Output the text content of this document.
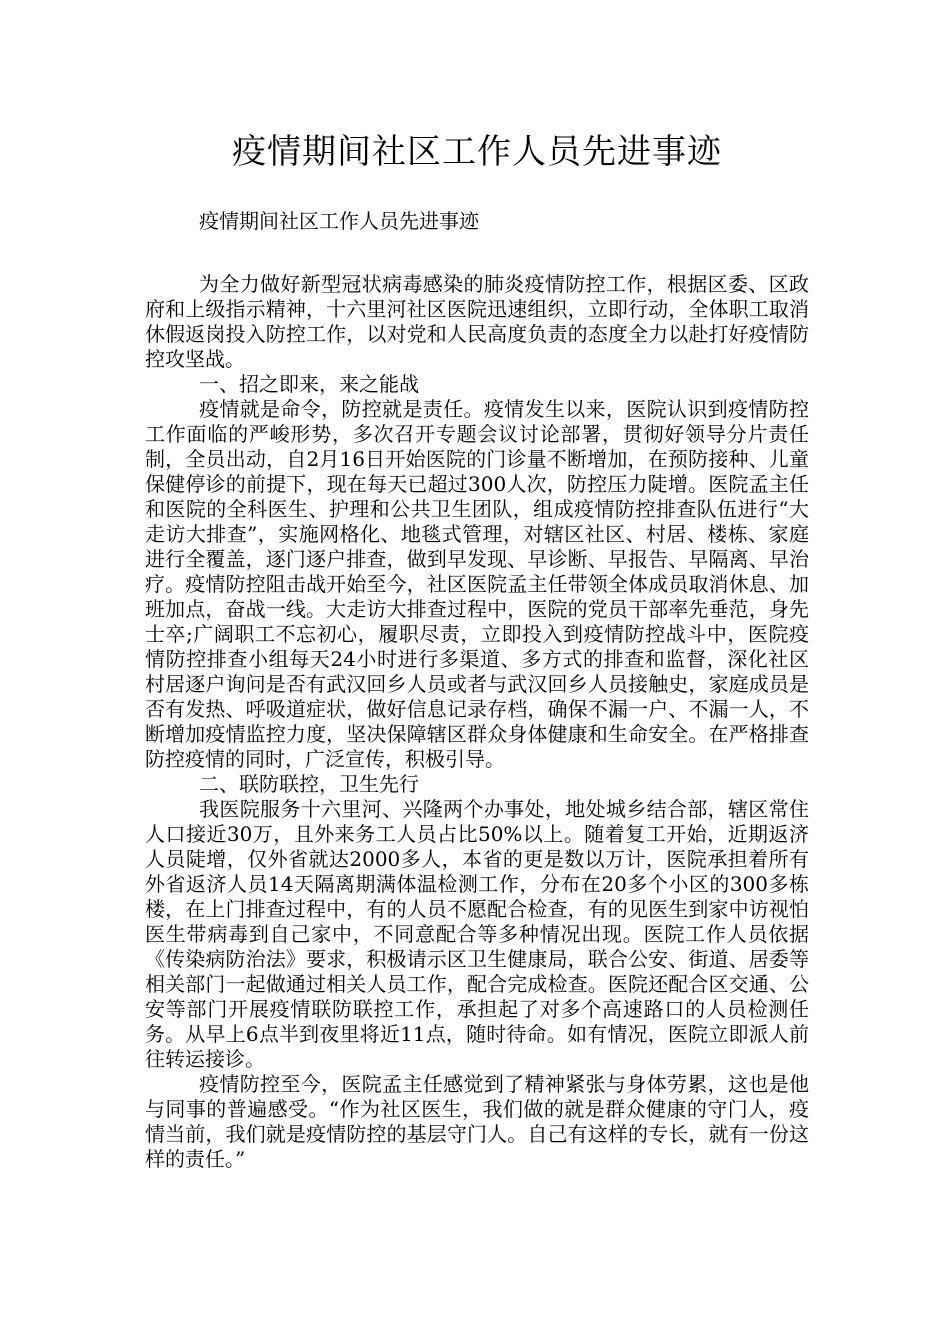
疫情期间社区工作人员先进事迹

疫情期间社区工作人员先进事迹

为全力做好新型冠状病毒感染的肺炎疫情防控工作，根据区委、区政府和上级指示精神，十六里河社区医院迅速组织，立即行动，全体职工取消休假返岗投入防控工作，以对党和人民高度负责的态度全力以赴打好疫情防控攻坚战。

一、招之即来，来之能战

疫情就是命令，防控就是责任。疫情发生以来，医院认识到疫情防控工作面临的严峻形势，多次召开专题会议讨论部署，贯彻好领导分片责任制，全员出动，自2月16日开始医院的门诊量不断增加，在预防接种、儿童保健停诊的前提下，现在每天已超过300人次，防控压力陡增。医院孟主任和医院的全科医生、护理和公共卫生团队，组成疫情防控排查队伍进行“大走访大排查”，实施网格化、地毯式管理，对辖区社区、村居、楼栋、家庭进行全覆盖，逐门逐户排查，做到早发现、早诊断、早报告、早隔离、早治疗。疫情防控阻击战开始至今，社区医院孟主任带领全体成员取消休息、加班加点，奋战一线。大走访大排查过程中，医院的党员干部率先垂范，身先士卒;广阔职工不忘初心，履职尽责，立即投入到疫情防控战斗中，医院疫情防控排查小组每天24小时进行多渠道、多方式的排查和监督，深化社区村居逐户询问是否有武汉回乡人员或者与武汉回乡人员接触史，家庭成员是否有发热、呼吸道症状，做好信息记录存档，确保不漏一户、不漏一人，不断增加疫情监控力度，坚决保障辖区群众身体健康和生命安全。在严格排查防控疫情的同时，广泛宣传，积极引导。

二、联防联控，卫生先行

我医院服务十六里河、兴隆两个办事处，地处城乡结合部，辖区常住人口接近30万，且外来务工人员占比50%以上。随着复工开始，近期返济人员陡增，仅外省就达2000多人，本省的更是数以万计，医院承担着所有外省返济人员14天隔离期满体温检测工作，分布在20多个小区的300多栋楼，在上门排查过程中，有的人员不愿配合检查，有的见医生到家中访视怕医生带病毒到自己家中，不同意配合等多种情况出现。医院工作人员依据《传染病防治法》要求，积极请示区卫生健康局，联合公安、街道、居委等相关部门一起做通过相关人员工作，配合完成检查。医院还配合区交通、公安等部门开展疫情联防联控工作，承担起了对多个高速路口的人员检测任务。从早上6点半到夜里将近11点，随时待命。如有情况，医院立即派人前往转运接诊。

疫情防控至今，医院孟主任感觉到了精神紧张与身体劳累，这也是他与同事的普遍感受。“作为社区医生，我们做的就是群众健康的守门人，疫情当前，我们就是疫情防控的基层守门人。自己有这样的专长，就有一份这样的责任。”
